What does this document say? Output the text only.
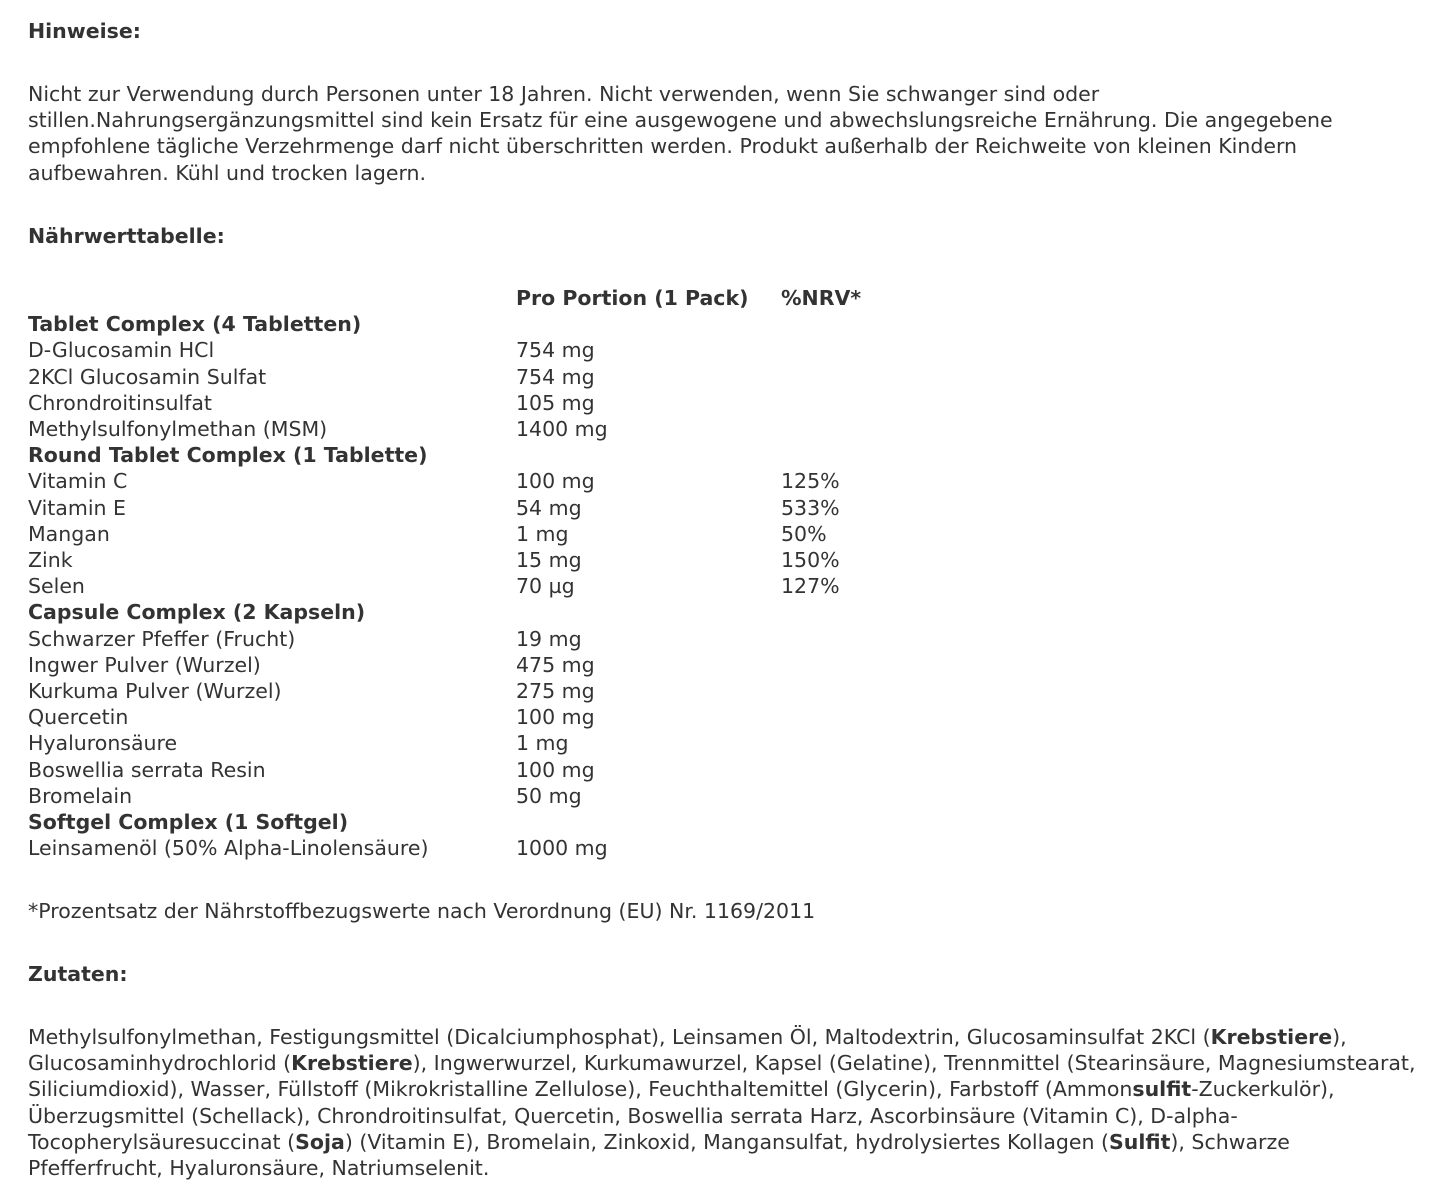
Hinweise:
Nicht zur Verwendung durch Personen unter 18 Jahren. Nicht verwenden, wenn Sie schwanger sind oder stillen.Nahrungsergänzungsmittel sind kein Ersatz für eine ausgewogene und abwechslungsreiche Ernährung. Die angegebene empfohlene tägliche Verzehrmenge darf nicht überschritten werden. Produkt außerhalb der Reichweite von kleinen Kindern aufbewahren. Kühl und trocken lagern.
Nährwerttabelle:
	Pro Portion (1 Pack)	%NRV*
Tablet Complex (4 Tabletten)		
D-Glucosamin HCl	754 mg	
2KCl Glucosamin Sulfat	754 mg	
Chrondroitinsulfat	105 mg	
Methylsulfonylmethan (MSM)	1400 mg	
Round Tablet Complex (1 Tablette)		
Vitamin C	100 mg	125%
Vitamin E	54 mg	533%
Mangan	1 mg	50%
Zink	15 mg	150%
Selen	70 µg	127%
Capsule Complex (2 Kapseln)		
Schwarzer Pfeffer (Frucht)	19 mg	
Ingwer Pulver (Wurzel)	475 mg	
Kurkuma Pulver (Wurzel)	275 mg	
Quercetin	100 mg	
Hyaluronsäure	1 mg	
Boswellia serrata Resin	100 mg	
Bromelain	50 mg	
Softgel Complex (1 Softgel)		
Leinsamenöl (50% Alpha-Linolensäure)	1000 mg	
*Prozentsatz der Nährstoffbezugswerte nach Verordnung (EU) Nr. 1169/2011
Zutaten:
Methylsulfonylmethan, Festigungsmittel (Dicalciumphosphat), Leinsamen Öl, Maltodextrin, Glucosaminsulfat 2KCl (Krebstiere), Glucosaminhydrochlorid (Krebstiere), Ingwerwurzel, Kurkumawurzel, Kapsel (Gelatine), Trennmittel (Stearinsäure, Magnesiumstearat, Siliciumdioxid), Wasser, Füllstoff (Mikrokristalline Zellulose), Feuchthaltemittel (Glycerin), Farbstoff (Ammonsulfit-Zuckerkulör), Überzugsmittel (Schellack), Chrondroitinsulfat, Quercetin, Boswellia serrata Harz, Ascorbinsäure (Vitamin C), D-alpha-Tocopherylsäuresuccinat (Soja) (Vitamin E), Bromelain, Zinkoxid, Mangansulfat, hydrolysiertes Kollagen (Sulfit), Schwarze Pfefferfrucht, Hyaluronsäure, Natriumselenit.
